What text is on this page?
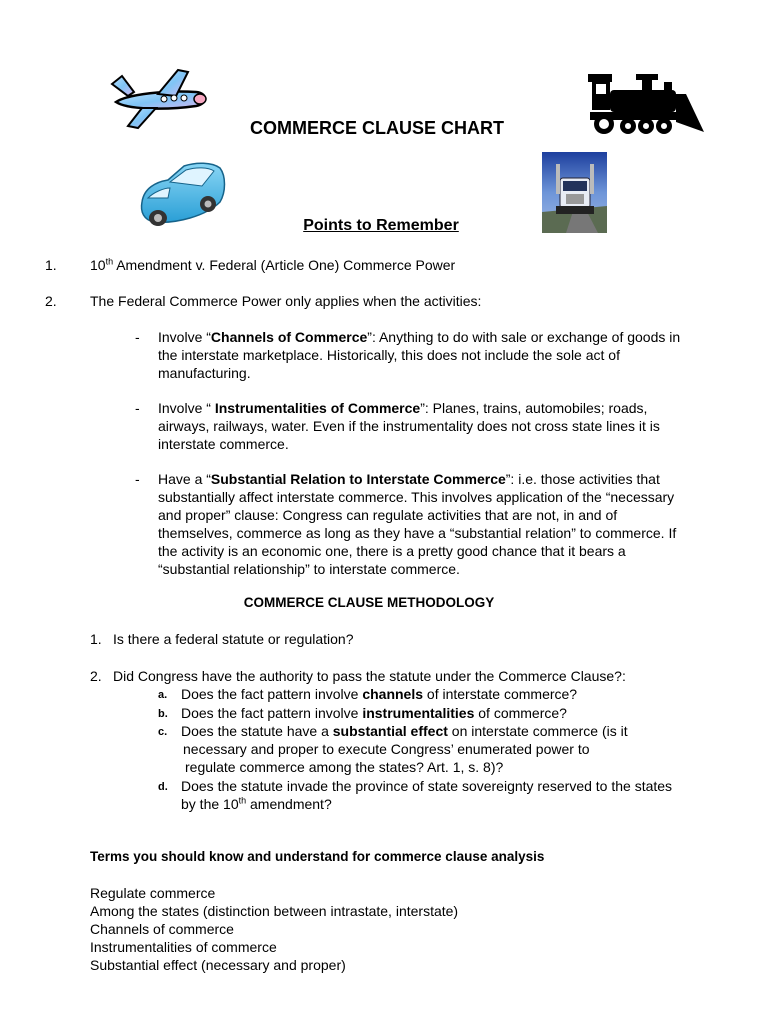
COMMERCE CLAUSE CHART
Points to Remember
1. 10th Amendment v. Federal (Article One) Commerce Power
2. The Federal Commerce Power only applies when the activities:
- Involve “Channels of Commerce”: Anything to do with sale or exchange of goods in
the interstate marketplace. Historically, this does not include the sole act of
manufacturing.
- Involve “ Instrumentalities of Commerce”: Planes, trains, automobiles; roads,
airways, railways, water. Even if the instrumentality does not cross state lines it is
interstate commerce.
- Have a “Substantial Relation to Interstate Commerce”: i.e. those activities that
substantially affect interstate commerce. This involves application of the “necessary
and proper” clause: Congress can regulate activities that are not, in and of
themselves, commerce as long as they have a “substantial relation” to commerce. If
the activity is an economic one, there is a pretty good chance that it bears a
“substantial relationship” to interstate commerce.
COMMERCE CLAUSE METHODOLOGY
1. Is there a federal statute or regulation?
2. Did Congress have the authority to pass the statute under the Commerce Clause?:
a. Does the fact pattern involve channels of interstate commerce?
b. Does the fact pattern involve instrumentalities of commerce?
c. Does the statute have a substantial effect on interstate commerce (is it
necessary and proper to execute Congress’ enumerated power to
regulate commerce among the states? Art. 1, s. 8)?
d. Does the statute invade the province of state sovereignty reserved to the states
by the 10th amendment?
Terms you should know and understand for commerce clause analysis
Regulate commerce
Among the states (distinction between intrastate, interstate)
Channels of commerce
Instrumentalities of commerce
Substantial effect (necessary and proper)
